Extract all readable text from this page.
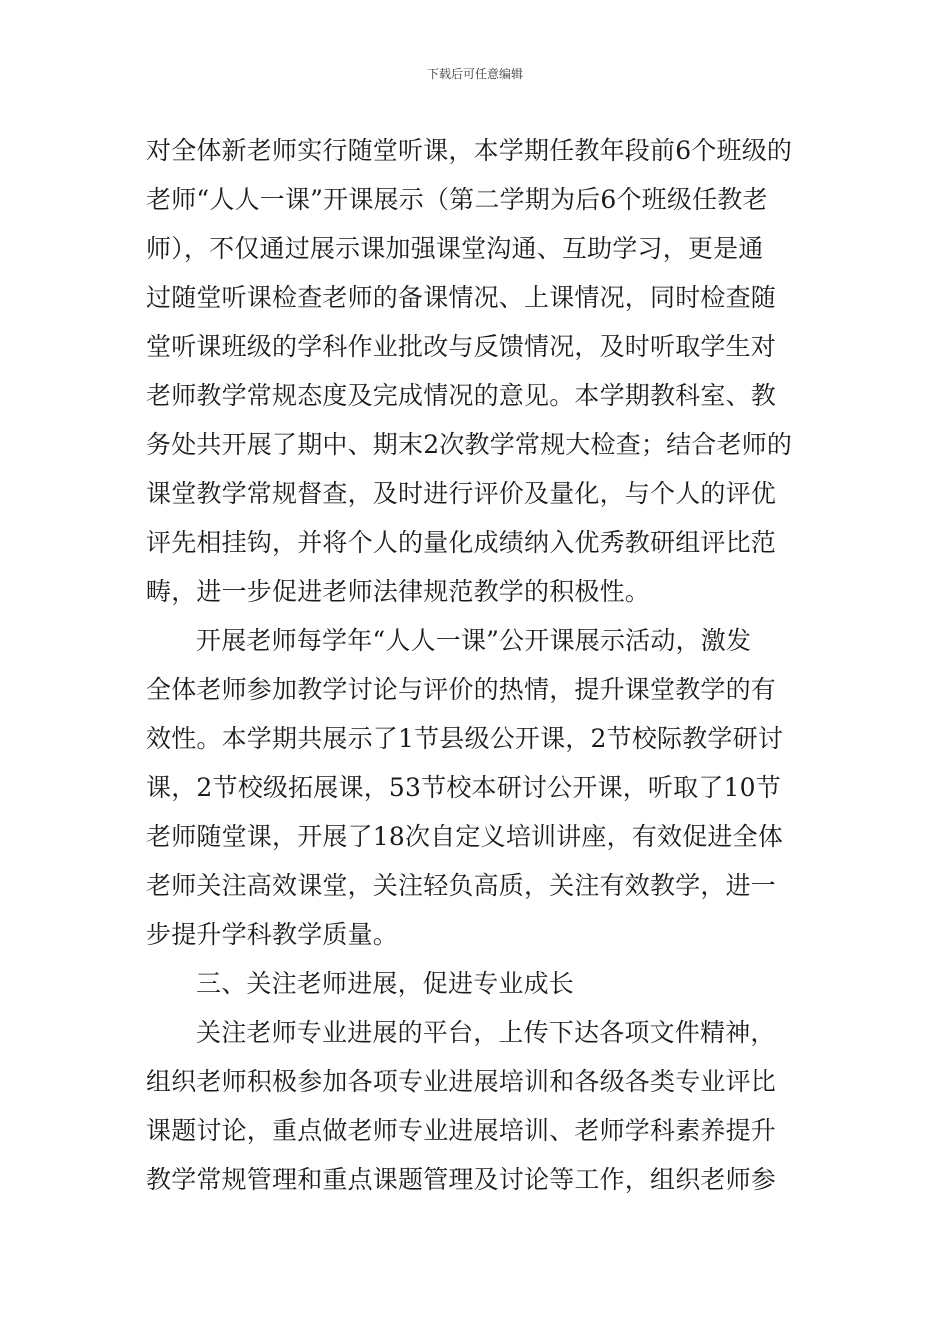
下载后可任意编辑
对全体新老师实行随堂听课，本学期任教年段前6个班级的
老师“人人一课”开课展示（第二学期为后6个班级任教老
师），不仅通过展示课加强课堂沟通、互助学习，更是通
过随堂听课检查老师的备课情况、上课情况，同时检查随
堂听课班级的学科作业批改与反馈情况，及时听取学生对
老师教学常规态度及完成情况的意见。本学期教科室、教
务处共开展了期中、期末2次教学常规大检查；结合老师的
课堂教学常规督查，及时进行评价及量化，与个人的评优
评先相挂钩，并将个人的量化成绩纳入优秀教研组评比范
畴，进一步促进老师法律规范教学的积极性。
开展老师每学年“人人一课”公开课展示活动，激发
全体老师参加教学讨论与评价的热情，提升课堂教学的有
效性。本学期共展示了1节县级公开课，2节校际教学研讨
课，2节校级拓展课，53节校本研讨公开课，听取了10节
老师随堂课，开展了18次自定义培训讲座，有效促进全体
老师关注高效课堂，关注轻负高质，关注有效教学，进一
步提升学科教学质量。
三、关注老师进展，促进专业成长
关注老师专业进展的平台，上传下达各项文件精神，
组织老师积极参加各项专业进展培训和各级各类专业评比
课题讨论，重点做老师专业进展培训、老师学科素养提升
教学常规管理和重点课题管理及讨论等工作，组织老师参
